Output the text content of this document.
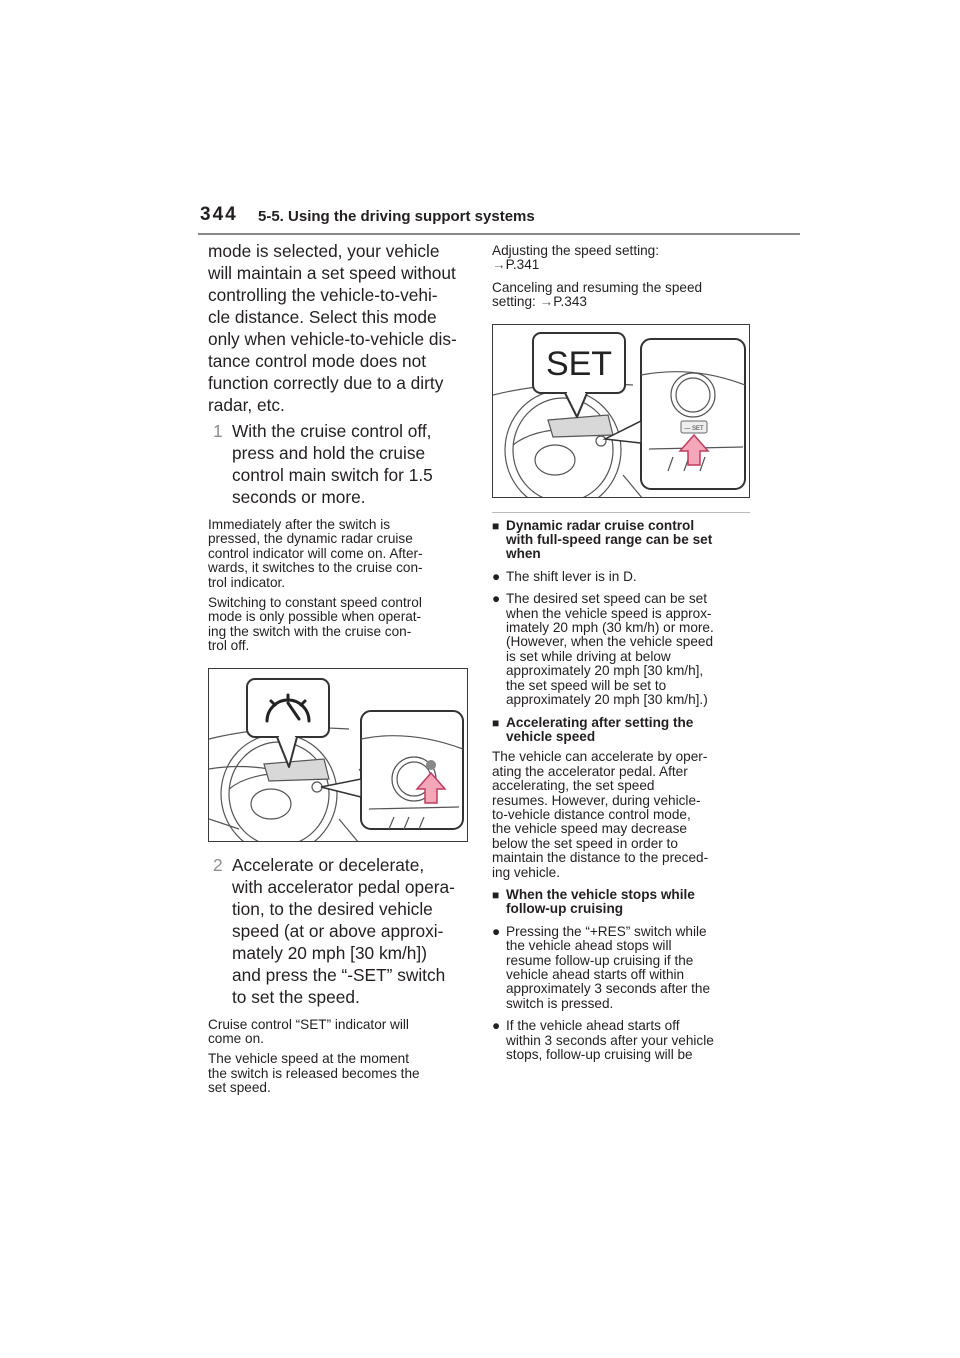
344 5-5. Using the driving support systems
mode is selected, your vehicle
will maintain a set speed without
controlling the vehicle-to-vehi-
cle distance. Select this mode
only when vehicle-to-vehicle dis-
tance control mode does not
function correctly due to a dirty
radar, etc.
1 With the cruise control off,
press and hold the cruise
control main switch for 1.5
seconds or more.
Immediately after the switch is
pressed, the dynamic radar cruise
control indicator will come on. After-
wards, it switches to the cruise con-
trol indicator.
Switching to constant speed control
mode is only possible when operat-
ing the switch with the cruise con-
trol off.
2 Accelerate or decelerate,
with accelerator pedal opera-
tion, to the desired vehicle
speed (at or above approxi-
mately 20 mph [30 km/h])
and press the “-SET” switch
to set the speed.
Cruise control “SET” indicator will
come on.
The vehicle speed at the moment
the switch is released becomes the
set speed.
Adjusting the speed setting:
→P.341
Canceling and resuming the speed
setting: →P.343
SET
— SET
■ Dynamic radar cruise control
with full-speed range can be set
when
● The shift lever is in D.
● The desired set speed can be set
when the vehicle speed is approx-
imately 20 mph (30 km/h) or more.
(However, when the vehicle speed
is set while driving at below
approximately 20 mph [30 km/h],
the set speed will be set to
approximately 20 mph [30 km/h].)
■ Accelerating after setting the
vehicle speed
The vehicle can accelerate by oper-
ating the accelerator pedal. After
accelerating, the set speed
resumes. However, during vehicle-
to-vehicle distance control mode,
the vehicle speed may decrease
below the set speed in order to
maintain the distance to the preced-
ing vehicle.
■ When the vehicle stops while
follow-up cruising
● Pressing the “+RES” switch while
the vehicle ahead stops will
resume follow-up cruising if the
vehicle ahead starts off within
approximately 3 seconds after the
switch is pressed.
● If the vehicle ahead starts off
within 3 seconds after your vehicle
stops, follow-up cruising will be
